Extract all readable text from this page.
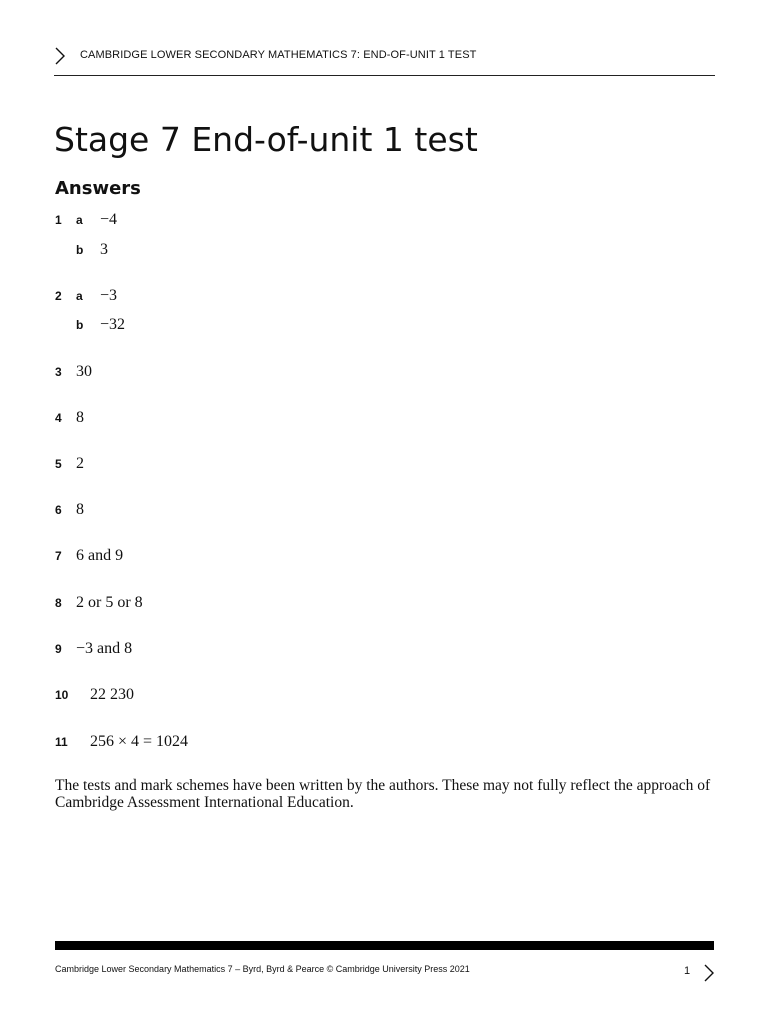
CAMBRIDGE LOWER SECONDARY MATHEMATICS 7: END-OF-UNIT 1 TEST
Stage 7 End-of-unit 1 test
Answers
1 a −4
b 3
2 a −3
b −32
3 30
4 8
5 2
6 8
7 6 and 9
8 2 or 5 or 8
9 −3 and 8
10 22 230
11 256 × 4 = 1024

The tests and mark schemes have been written by the authors. These may not fully reflect the approach of Cambridge Assessment International Education.

Cambridge Lower Secondary Mathematics 7 – Byrd, Byrd & Pearce © Cambridge University Press 2021	1
